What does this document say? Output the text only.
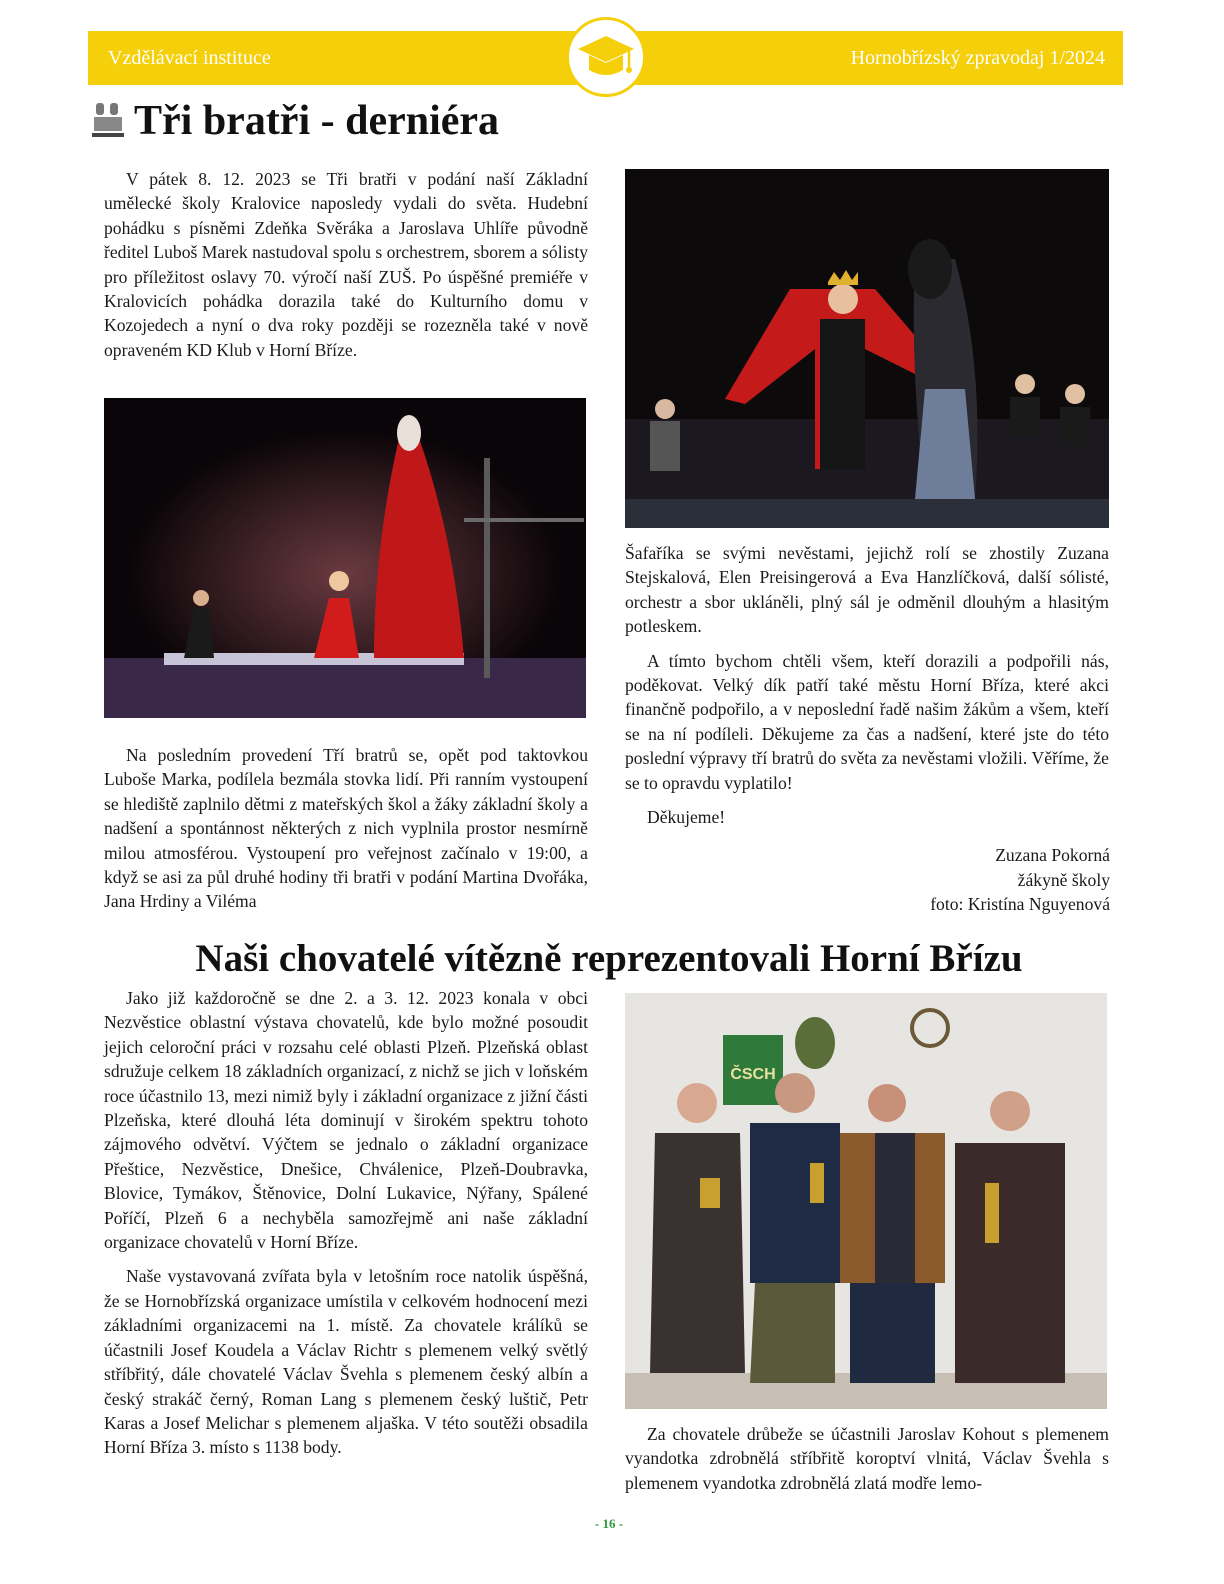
Vzdělávací instituce	Hornobřízský zpravodaj 1/2024
Tři bratři - derniéra

V pátek 8. 12. 2023 se Tři bratři v podání naší Základní umělecké školy Kralovice naposledy vydali do světa. Hudební pohádku s písněmi Zdeňka Svěráka a Jaroslava Uhlíře původně ředitel Luboš Marek nastudoval spolu s orchestrem, sborem a sólisty pro příležitost oslavy 70. výročí naší ZUŠ. Po úspěšné premiéře v Kralovicích pohádka dorazila také do Kulturního domu v Kozojedech a nyní o dva roky později se rozezněla také v nově opraveném KD Klub v Horní Bříze.

Na posledním provedení Tří bratrů se, opět pod taktovkou Luboše Marka, podílela bezmála stovka lidí. Při ranním vystoupení se hlediště zaplnilo dětmi z mateřských škol a žáky základní školy a nadšení a spontánnost některých z nich vyplnila prostor nesmírně milou atmosférou. Vystoupení pro veřejnost začínalo v 19:00, a když se asi za půl druhé hodiny tři bratři v podání Martina Dvořáka, Jana Hrdiny a Viléma

Šafaříka se svými nevěstami, jejichž rolí se zhostily Zuzana Stejskalová, Elen Preisingerová a Eva Hanzlíčková, další sólisté, orchestr a sbor ukláněli, plný sál je odměnil dlouhým a hlasitým potleskem.

A tímto bychom chtěli všem, kteří dorazili a podpořili nás, poděkovat. Velký dík patří také městu Horní Bříza, které akci finančně podpořilo, a v neposlední řadě našim žákům a všem, kteří se na ní podíleli. Děkujeme za čas a nadšení, které jste do této poslední výpravy tří bratrů do světa za nevěstami vložili. Věříme, že se to opravdu vyplatilo!

Děkujeme!

Zuzana Pokorná
žákyně školy
foto: Kristína Nguyenová
Naši chovatelé vítězně reprezentovali Horní Břízu

Jako již každoročně se dne 2. a 3. 12. 2023 konala v obci Nezvěstice oblastní výstava chovatelů, kde bylo možné posoudit jejich celoroční práci v rozsahu celé oblasti Plzeň. Plzeňská oblast sdružuje celkem 18 základních organizací, z nichž se jich v loňském roce účastnilo 13, mezi nimiž byly i základní organizace z jižní části Plzeňska, které dlouhá léta dominují v širokém spektru tohoto zájmového odvětví. Výčtem se jednalo o základní organizace Přeštice, Nezvěstice, Dnešice, Chválenice, Plzeň-Doubravka, Blovice, Tymákov, Štěnovice, Dolní Lukavice, Nýřany, Spálené Poříčí, Plzeň 6 a nechyběla samozřejmě ani naše základní organizace chovatelů v Horní Bříze.

Naše vystavovaná zvířata byla v letošním roce natolik úspěšná, že se Hornobřízská organizace umístila v celkovém hodnocení mezi základními organizacemi na 1. místě. Za chovatele králíků se účastnili Josef Koudela a Václav Richtr s plemenem velký světlý stříbřitý, dále chovatelé Václav Švehla s plemenem český albín a český strakáč černý, Roman Lang s plemenem český luštič, Petr Karas a Josef Melichar s plemenem aljaška. V této soutěži obsadila Horní Bříza 3. místo s 1138 body.

ČSCH

Za chovatele drůbeže se účastnili Jaroslav Kohout s plemenem vyandotka zdrobnělá stříbřitě koroptví vlnitá, Václav Švehla s plemenem vyandotka zdrobnělá zlatá modře lemo-

- 16 -
